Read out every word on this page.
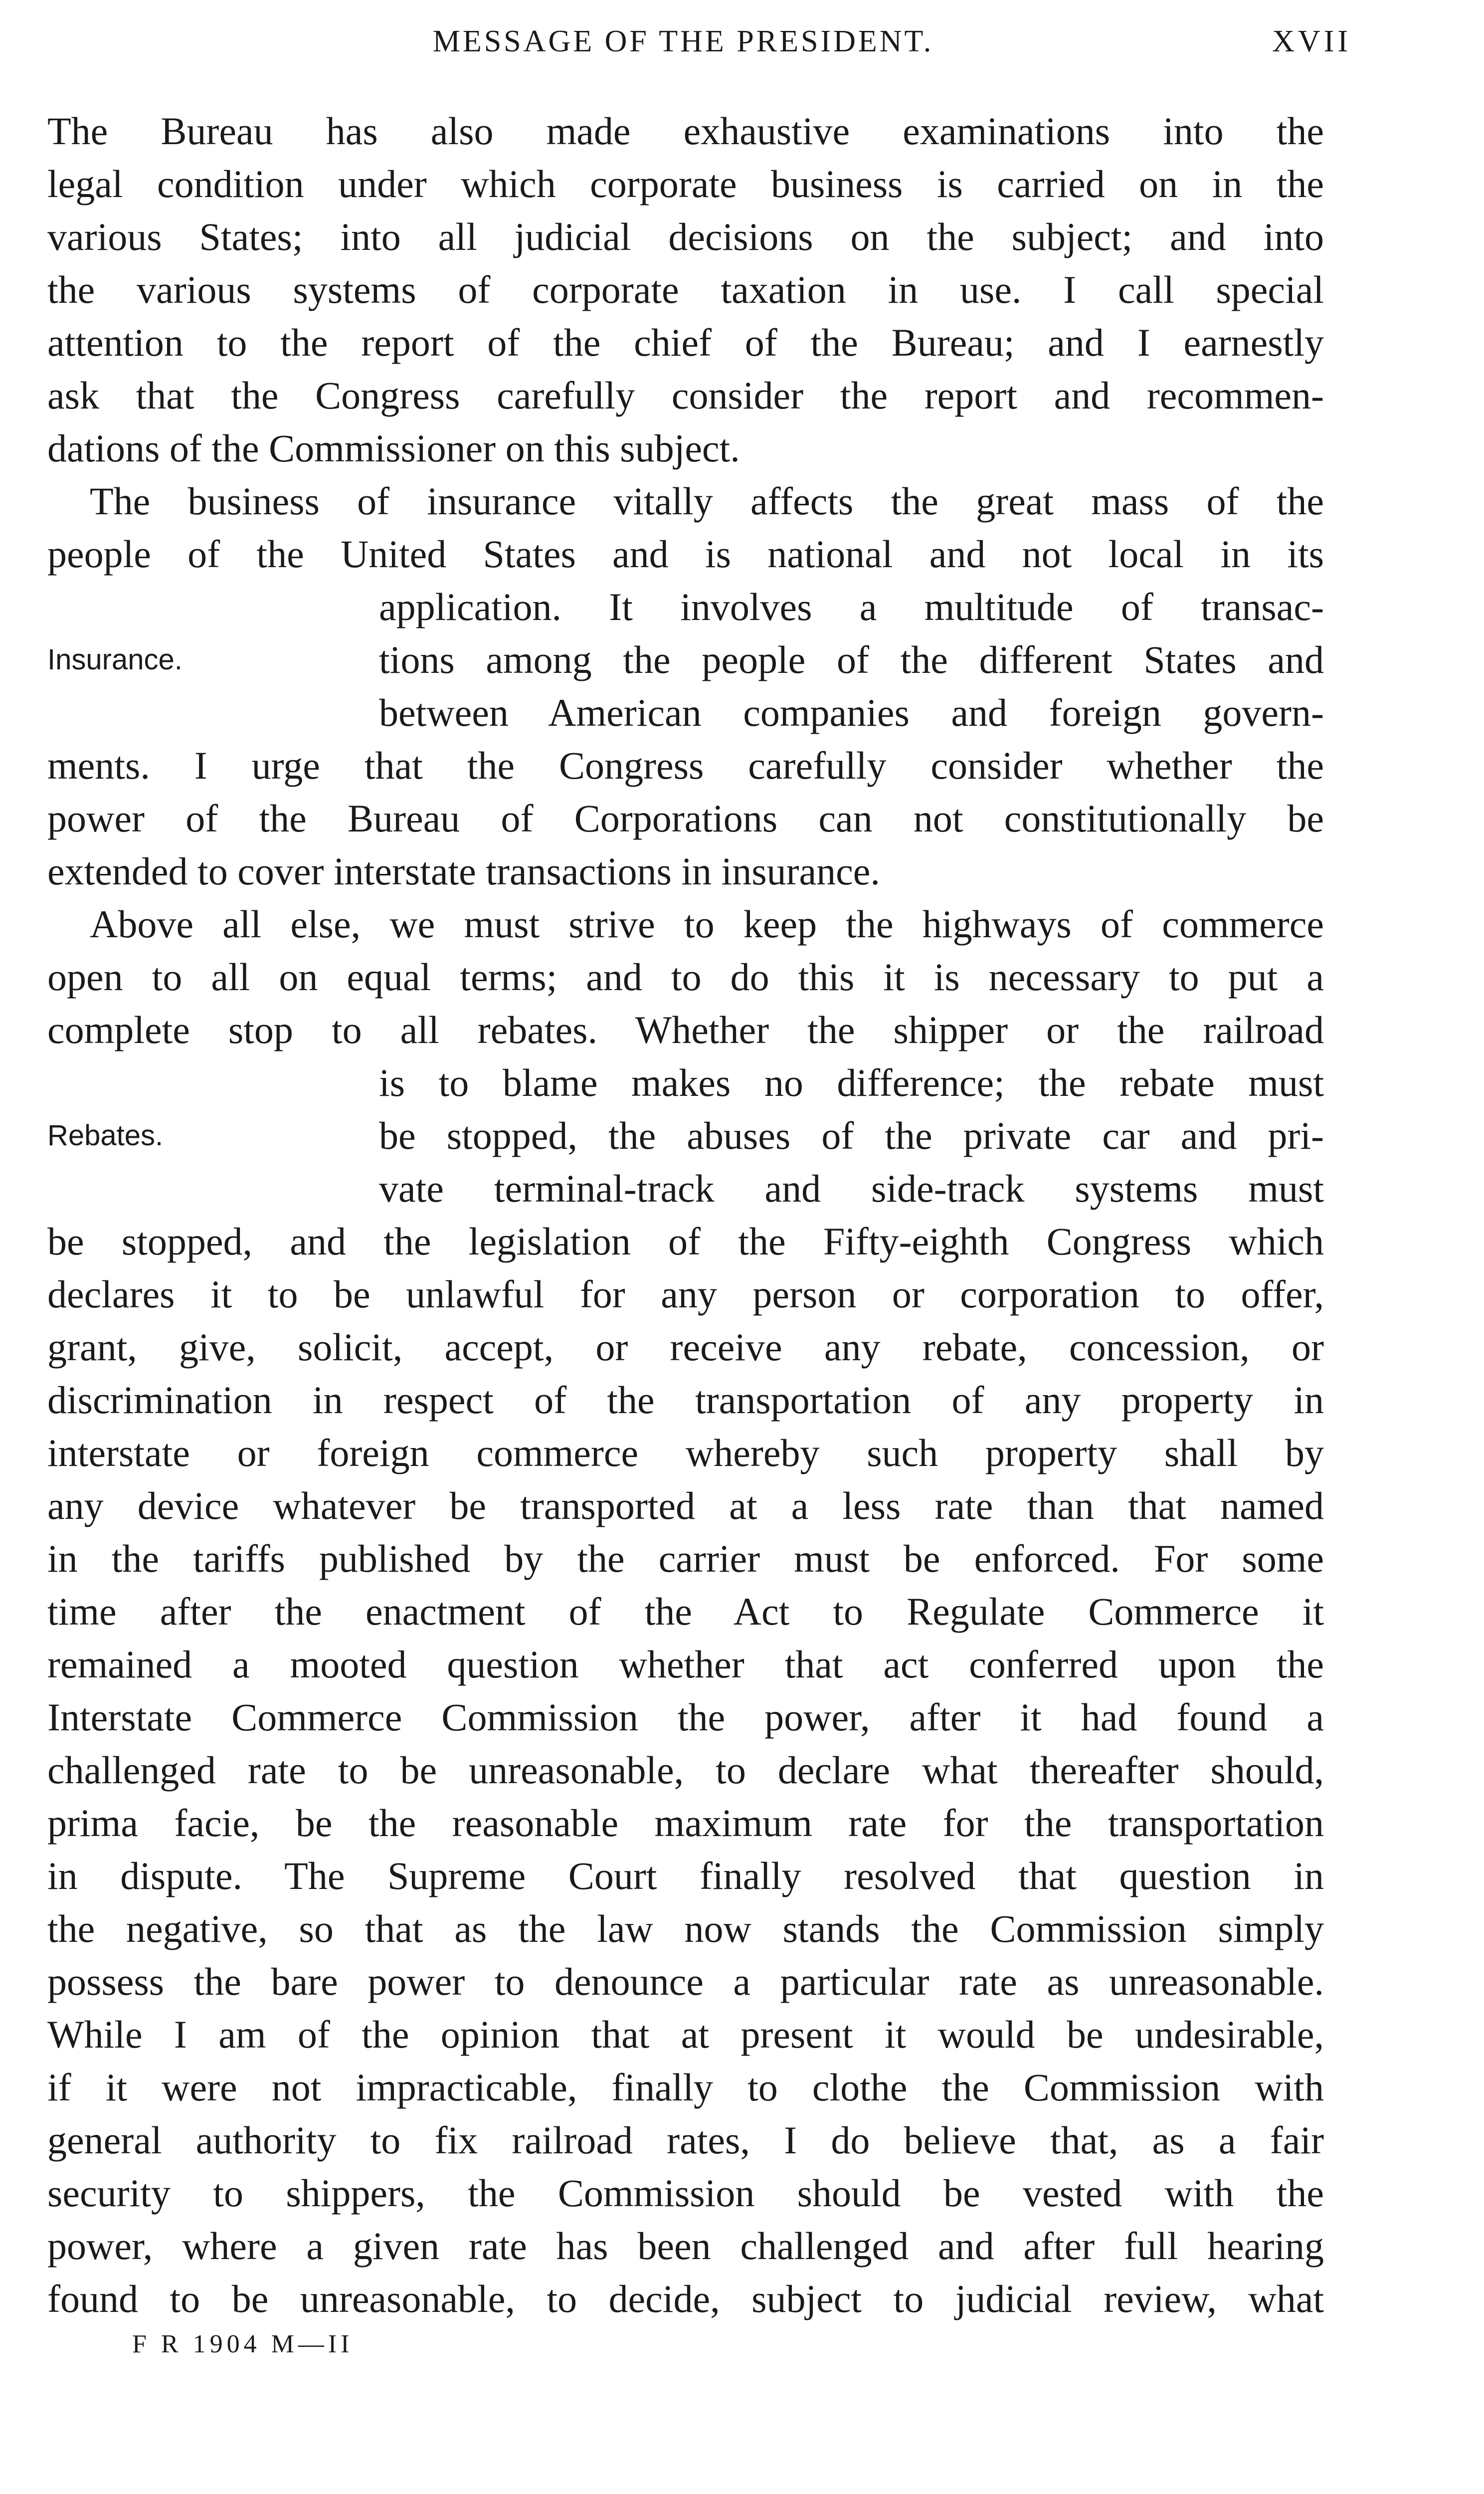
MESSAGE OF THE PRESIDENT.	XVII
The Bureau has also made exhaustive examinations into the
legal condition under which corporate business is carried on in the
various States; into all judicial decisions on the subject; and into
the various systems of corporate taxation in use. I call special
attention to the report of the chief of the Bureau; and I earnestly
ask that the Congress carefully consider the report and recommen-
dations of the Commissioner on this subject.
The business of insurance vitally affects the great mass of the
people of the United States and is national and not local in its
application. It involves a multitude of transac-
Insurance.	tions among the people of the different States and
between American companies and foreign govern-
ments. I urge that the Congress carefully consider whether the
power of the Bureau of Corporations can not constitutionally be
extended to cover interstate transactions in insurance.
Above all else, we must strive to keep the highways of commerce
open to all on equal terms; and to do this it is necessary to put a
complete stop to all rebates. Whether the shipper or the railroad
is to blame makes no difference; the rebate must
Rebates.	be stopped, the abuses of the private car and pri-
vate terminal-track and side-track systems must
be stopped, and the legislation of the Fifty-eighth Congress which
declares it to be unlawful for any person or corporation to offer,
grant, give, solicit, accept, or receive any rebate, concession, or
discrimination in respect of the transportation of any property in
interstate or foreign commerce whereby such property shall by
any device whatever be transported at a less rate than that named
in the tariffs published by the carrier must be enforced. For some
time after the enactment of the Act to Regulate Commerce it
remained a mooted question whether that act conferred upon the
Interstate Commerce Commission the power, after it had found a
challenged rate to be unreasonable, to declare what thereafter should,
prima facie, be the reasonable maximum rate for the transportation
in dispute. The Supreme Court finally resolved that question in
the negative, so that as the law now stands the Commission simply
possess the bare power to denounce a particular rate as unreasonable.
While I am of the opinion that at present it would be undesirable,
if it were not impracticable, finally to clothe the Commission with
general authority to fix railroad rates, I do believe that, as a fair
security to shippers, the Commission should be vested with the
power, where a given rate has been challenged and after full hearing
found to be unreasonable, to decide, subject to judicial review, what
F R 1904 M—II
